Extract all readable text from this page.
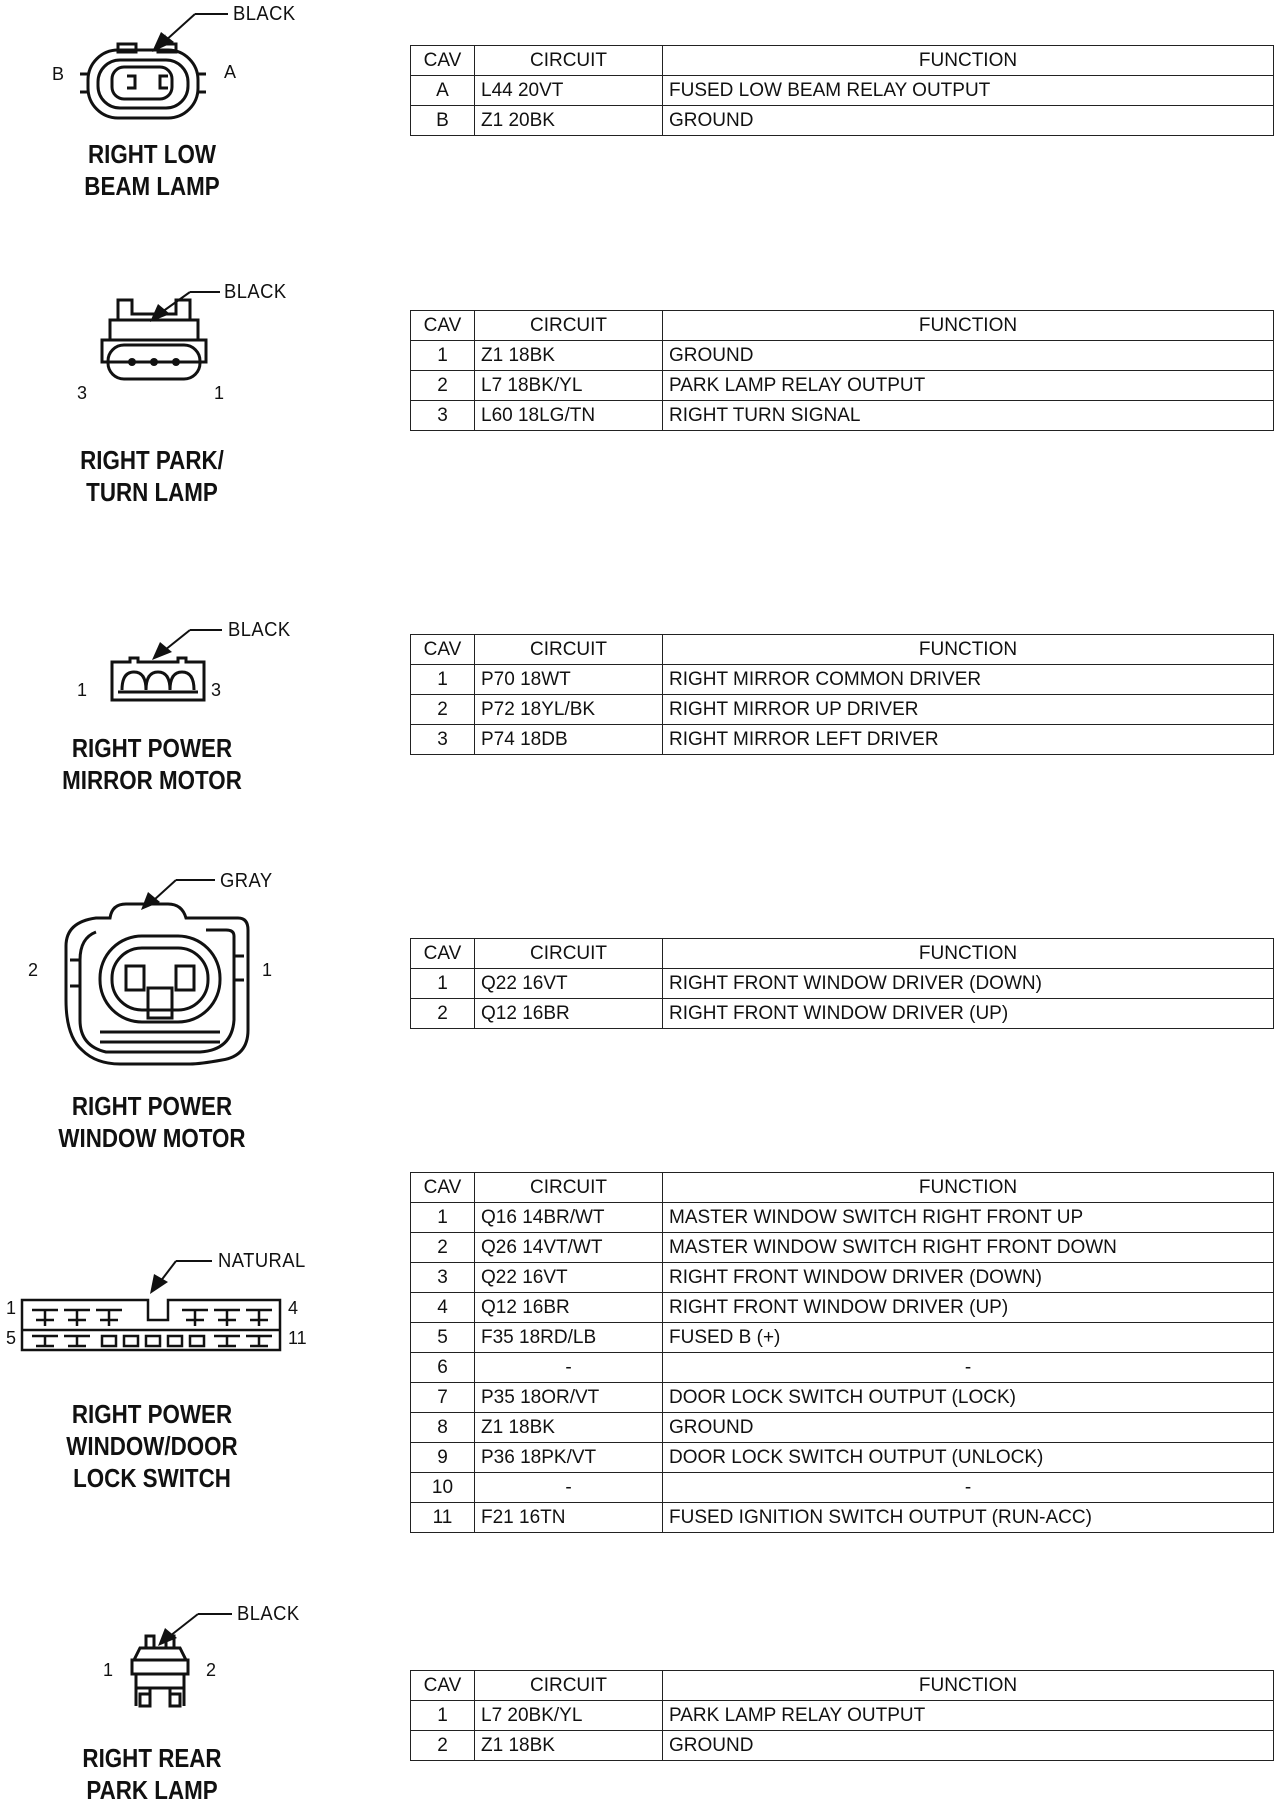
BLACK
B	A
RIGHT LOW
BEAM LAMP
CAV	CIRCUIT	FUNCTION
A	L44 20VT	FUSED LOW BEAM RELAY OUTPUT
B	Z1 20BK	GROUND
BLACK
3	1
RIGHT PARK/
TURN LAMP
CAV	CIRCUIT	FUNCTION
1	Z1 18BK	GROUND
2	L7 18BK/YL	PARK LAMP RELAY OUTPUT
3	L60 18LG/TN	RIGHT TURN SIGNAL
BLACK
1	3
RIGHT POWER
MIRROR MOTOR
CAV	CIRCUIT	FUNCTION
1	P70 18WT	RIGHT MIRROR COMMON DRIVER
2	P72 18YL/BK	RIGHT MIRROR UP DRIVER
3	P74 18DB	RIGHT MIRROR LEFT DRIVER
GRAY
2	1
RIGHT POWER
WINDOW MOTOR
CAV	CIRCUIT	FUNCTION
1	Q22 16VT	RIGHT FRONT WINDOW DRIVER (DOWN)
2	Q12 16BR	RIGHT FRONT WINDOW DRIVER (UP)
NATURAL
1	4
5	11
RIGHT POWER
WINDOW/DOOR
LOCK SWITCH
CAV	CIRCUIT	FUNCTION
1	Q16 14BR/WT	MASTER WINDOW SWITCH RIGHT FRONT UP
2	Q26 14VT/WT	MASTER WINDOW SWITCH RIGHT FRONT DOWN
3	Q22 16VT	RIGHT FRONT WINDOW DRIVER (DOWN)
4	Q12 16BR	RIGHT FRONT WINDOW DRIVER (UP)
5	F35 18RD/LB	FUSED B (+)
6	-	-
7	P35 18OR/VT	DOOR LOCK SWITCH OUTPUT (LOCK)
8	Z1 18BK	GROUND
9	P36 18PK/VT	DOOR LOCK SWITCH OUTPUT (UNLOCK)
10	-	-
11	F21 16TN	FUSED IGNITION SWITCH OUTPUT (RUN-ACC)
BLACK
1	2
RIGHT REAR
PARK LAMP
CAV	CIRCUIT	FUNCTION
1	L7 20BK/YL	PARK LAMP RELAY OUTPUT
2	Z1 18BK	GROUND
